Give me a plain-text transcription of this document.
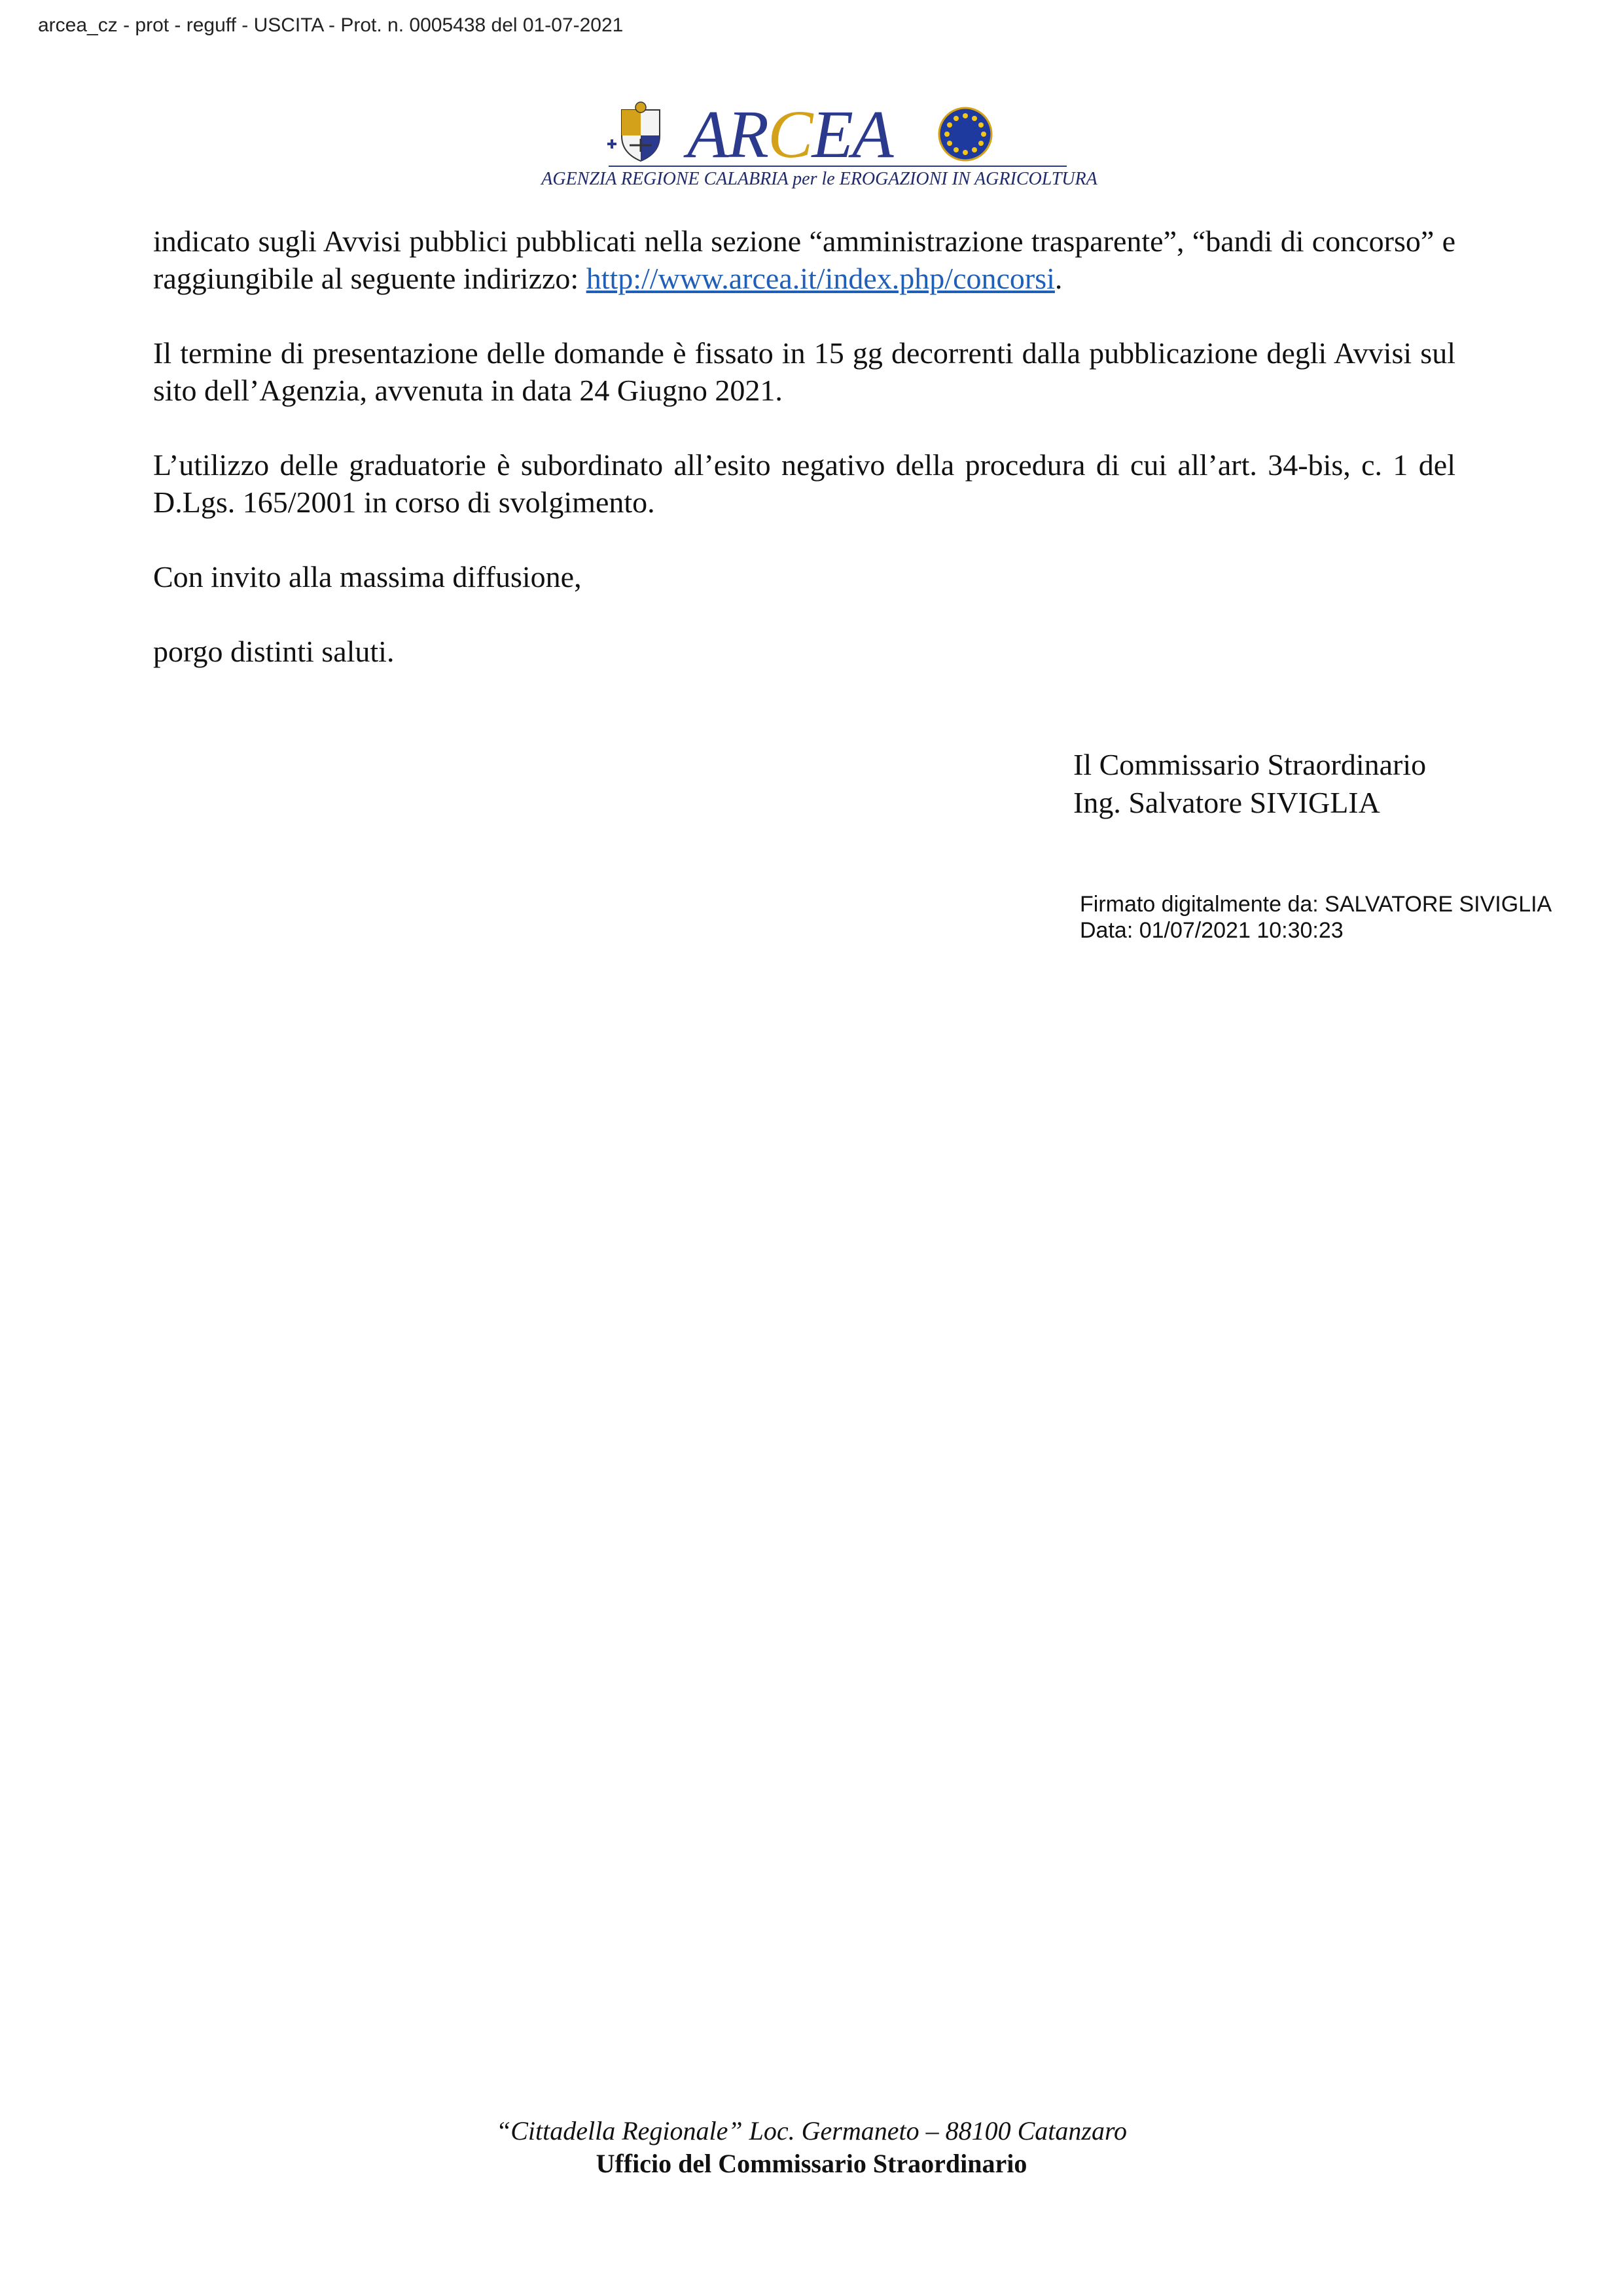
arcea_cz - prot - reguff - USCITA - Prot. n. 0005438 del 01-07-2021
ARCEA
AGENZIA REGIONE CALABRIA per le EROGAZIONI IN AGRICOLTURA

indicato sugli Avvisi pubblici pubblicati nella sezione “amministrazione trasparente”, “bandi di concorso” e raggiungibile al seguente indirizzo: http://www.arcea.it/index.php/concorsi.

Il termine di presentazione delle domande è fissato in 15 gg decorrenti dalla pubblicazione degli Avvisi sul sito dell’Agenzia, avvenuta in data 24 Giugno 2021.

L’utilizzo delle graduatorie è subordinato all’esito negativo della procedura di cui all’art. 34-bis, c. 1 del D.Lgs. 165/2001 in corso di svolgimento.

Con invito alla massima diffusione,

porgo distinti saluti.

Il Commissario Straordinario
Ing. Salvatore SIVIGLIA
Firmato digitalmente da: SALVATORE SIVIGLIA
Data: 01/07/2021 10:30:23
“Cittadella Regionale” Loc. Germaneto – 88100 Catanzaro
Ufficio del Commissario Straordinario
